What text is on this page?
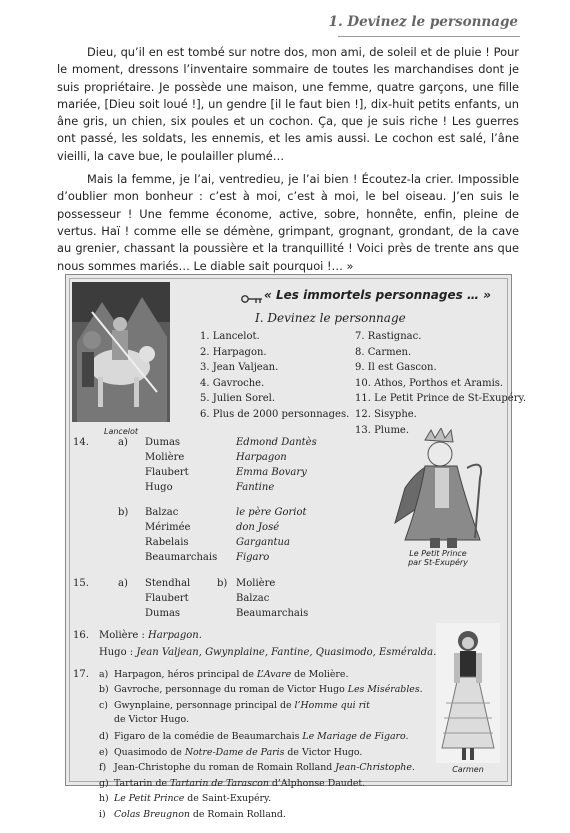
1. Devinez le personnage

Dieu, qu’il en est tombé sur notre dos, mon ami, de soleil et de pluie ! Pour le moment, dressons l’inventaire sommaire de toutes les marchandises dont je suis propriétaire. Je possède une maison, une femme, quatre garçons, une fille mariée, [Dieu soit loué !], un gendre [il le faut bien !], dix-huit petits enfants, un âne gris, un chien, six poules et un cochon. Ça, que je suis riche ! Les guerres ont passé, les soldats, les ennemis, et les amis aussi. Le cochon est salé, l’âne vieilli, la cave bue, le poulailler plumé…

Mais la femme, je l’ai, ventredieu, je l’ai bien ! Écoutez-la crier. Impossible d’oublier mon bonheur : c’est à moi, c’est à moi, le bel oiseau. J’en suis le possesseur ! Une femme économe, active, sobre, honnête, enfin, pleine de vertus. Haï ! comme elle se démène, grimpant, grognant, grondant, de la cave au grenier, chassant la poussière et la tranquillité ! Voici près de trente ans que nous sommes mariés… Le diable sait pourquoi !… »

Lancelot
« Les immortels personnages … »
I. Devinez le personnage
1. Lancelot.
2. Harpagon.
3. Jean Valjean.
4. Gavroche.
5. Julien Sorel.
6. Plus de 2000 personnages.
7. Rastignac.
8. Carmen.
9. Il est Gascon.
10. Athos, Porthos et Aramis.
11. Le Petit Prince de St-Exupéry.
12. Sisyphe.
13. Plume.
14.	a) Dumas
Molière
Flaubert
Hugo
Edmond Dantès
Harpagon
Emma Bovary
Fantine
b) Balzac
Mérimée
Rabelais
Beaumarchais
le père Goriot
don José
Gargantua
Figaro
15.	a) Stendhal
Flaubert
Dumas
b) Molière
Balzac
Beaumarchais
16. Molière : Harpagon.
Hugo : Jean Valjean, Gwynplaine, Fantine, Quasimodo, Esméralda.
17. a) Harpagon, héros principal de L’Avare de Molière.
b) Gavroche, personnage du roman de Victor Hugo Les Misérables.
c) Gwynplaine, personnage principal de l’Homme qui rit
de Victor Hugo.
d) Figaro de la comédie de Beaumarchais Le Mariage de Figaro.
e) Quasimodo de Notre-Dame de Paris de Victor Hugo.
f) Jean-Christophe du roman de Romain Rolland Jean-Christophe.
g) Tartarin de Tartarin de Tarascon d’Alphonse Daudet.
h) Le Petit Prince de Saint-Exupéry.
i) Colas Breugnon de Romain Rolland.
Le Petit Prince
par St-Exupéry
Carmen
